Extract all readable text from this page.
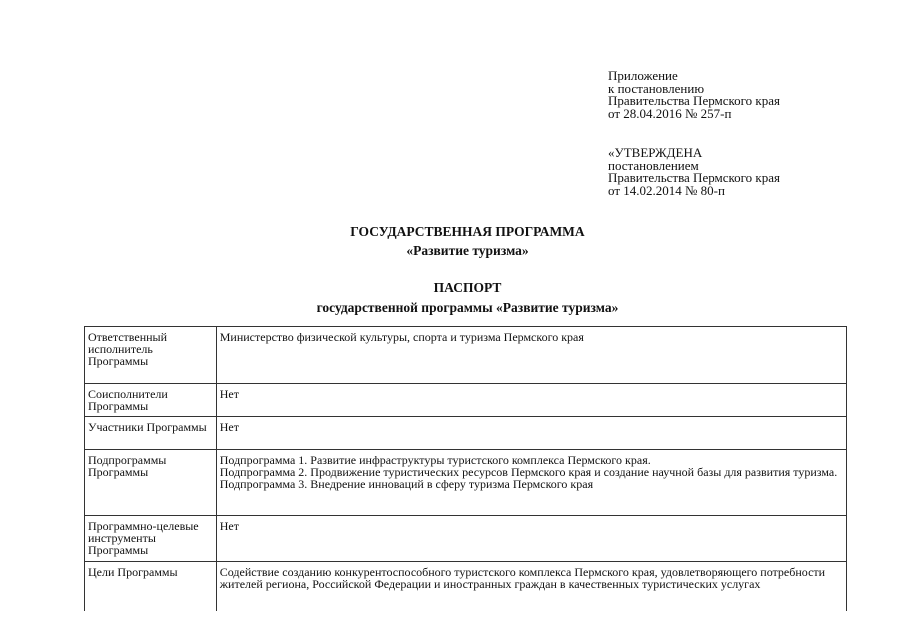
Приложение
к постановлению
Правительства Пермского края
от 28.04.2016 № 257-п
«УТВЕРЖДЕНА
постановлением
Правительства Пермского края
от 14.02.2014 № 80-п
ГОСУДАРСТВЕННАЯ ПРОГРАММА
«Развитие туризма»
ПАСПОРТ
государственной программы «Развитие туризма»
Ответственный исполнитель Программы	Министерство физической культуры, спорта и туризма Пермского края

Соисполнители Программы	Нет

Участники Программы	Нет

Подпрограммы Программы	Подпрограмма 1. Развитие инфраструктуры туристского комплекса Пермского края.
Подпрограмма 2. Продвижение туристических ресурсов Пермского края и создание научной базы для развития туризма.
Подпрограмма 3. Внедрение инноваций в сферу туризма Пермского края

Программно-целевые инструменты Программы	Нет

Цели Программы	Содействие созданию конкурентоспособного туристского комплекса Пермского края, удовлетворяющего потребности жителей региона, Российской Федерации и иностранных граждан в качественных туристических услугах
